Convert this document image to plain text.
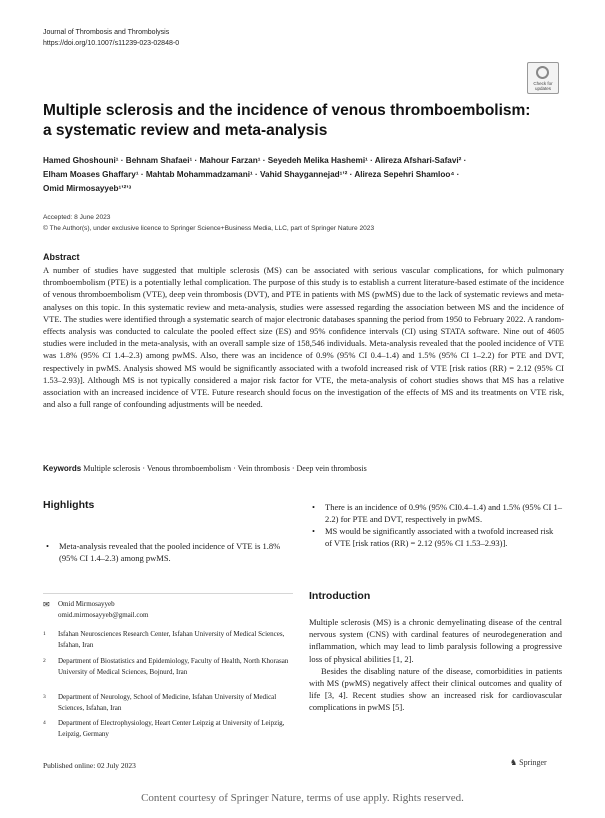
Journal of Thrombosis and Thrombolysis
https://doi.org/10.1007/s11239-023-02848-0
Check for
updates
Multiple sclerosis and the incidence of venous thromboembolism:
a systematic review and meta-analysis
Hamed Ghoshouni¹ · Behnam Shafaei¹ · Mahour Farzan¹ · Seyedeh Melika Hashemi¹ · Alireza Afshari-Safavi² ·
Elham Moases Ghaffary¹ · Mahtab Mohammadzamani¹ · Vahid Shaygannejad¹ʼ² · Alireza Sepehri Shamloo⁴ ·
Omid Mirmosayyeb¹ʼ²ʼ³
Accepted: 8 June 2023
© The Author(s), under exclusive licence to Springer Science+Business Media, LLC, part of Springer Nature 2023
Abstract
A number of studies have suggested that multiple sclerosis (MS) can be associated with serious vascular complications, for which pulmonary thromboembolism (PTE) is a potentially lethal complication. The purpose of this study is to establish a current literature-based estimate of the incidence of venous thromboembolism (VTE), deep vein thrombosis (DVT), and PTE in patients with MS (pwMS) due to the lack of systematic reviews and meta-analyses on this topic. In this systematic review and meta-analysis, studies were assessed regarding the association between MS and the incidence of VTE. The studies were identified through a systematic search of major electronic databases spanning the period from 1950 to February 2022. A random-effects analysis was conducted to calculate the pooled effect size (ES) and 95% confidence intervals (CI) using STATA software. Nine out of 4605 studies were included in the meta-analysis, with an overall sample size of 158,546 individuals. Meta-analysis revealed that the pooled incidence of VTE was 1.8% (95% CI 1.4–2.3) among pwMS. Also, there was an incidence of 0.9% (95% CI 0.4–1.4) and 1.5% (95% CI 1–2.2) for PTE and DVT, respectively in pwMS. Analysis showed MS would be significantly associated with a twofold increased risk of VTE [risk ratios (RR) = 2.12 (95% CI 1.53–2.93)]. Although MS is not typically considered a major risk factor for VTE, the meta-analysis of cohort studies shows that MS has a relative association with an increased incidence of VTE. Future research should focus on the investigation of the effects of MS and its treatments on VTE risk, and also a full range of confounding adjustments will be needed.
Keywords Multiple sclerosis · Venous thromboembolism · Vein thrombosis · Deep vein thrombosis
Highlights
• Meta-analysis revealed that the pooled incidence of VTE is 1.8% (95% CI 1.4–2.3) among pwMS.
• There is an incidence of 0.9% (95% CI0.4–1.4) and 1.5% (95% CI 1–2.2) for PTE and DVT, respectively in pwMS.
• MS would be significantly associated with a twofold increased risk of VTE [risk ratios (RR) = 2.12 (95% CI 1.53–2.93)].
✉ Omid Mirmosayyeb
omid.mirmosayyeb@gmail.com
1 Isfahan Neurosciences Research Center, Isfahan University of Medical Sciences, Isfahan, Iran
2 Department of Biostatistics and Epidemiology, Faculty of Health, North Khorasan University of Medical Sciences, Bojnurd, Iran
3 Department of Neurology, School of Medicine, Isfahan University of Medical Sciences, Isfahan, Iran
4 Department of Electrophysiology, Heart Center Leipzig at University of Leipzig, Leipzig, Germany
Introduction

Multiple sclerosis (MS) is a chronic demyelinating disease of the central nervous system (CNS) with cardinal features of neurodegeneration and inflammation, which may lead to limb paralysis following a progressive loss of physical abilities [1, 2].

Besides the disabling nature of the disease, comorbidities in patients with MS (pwMS) negatively affect their clinical outcomes and quality of life [3, 4]. Recent studies show an increased risk for cardiovascular complications in pwMS [5].

Published online: 02 July 2023	♞ Springer
Content courtesy of Springer Nature, terms of use apply. Rights reserved.
